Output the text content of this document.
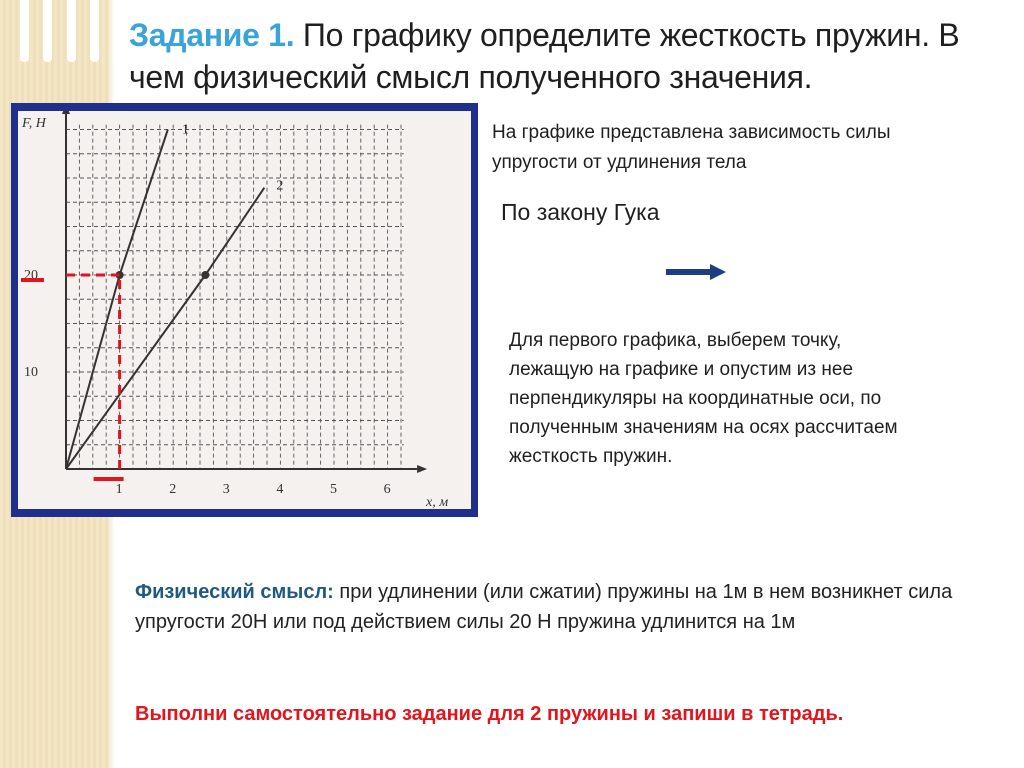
Задание 1. По графику определите жесткость пружин. В чем физический смысл полученного значения.
F, Н
x, м
1	2	3	4	5	6
20
10
1
2
На графике представлена зависимость силы упругости от удлинения тела
По закону Гука
Для первого графика, выберем точку, лежащую на графике и опустим из нее перпендикуляры на координатные оси, по полученным значениям на осях рассчитаем жесткость пружин.
Физический смысл: при удлинении (или сжатии) пружины на 1м в нем возникнет сила упругости 20Н или под действием силы 20 Н пружина удлинится на 1м
Выполни самостоятельно задание для 2 пружины и запиши в тетрадь.
